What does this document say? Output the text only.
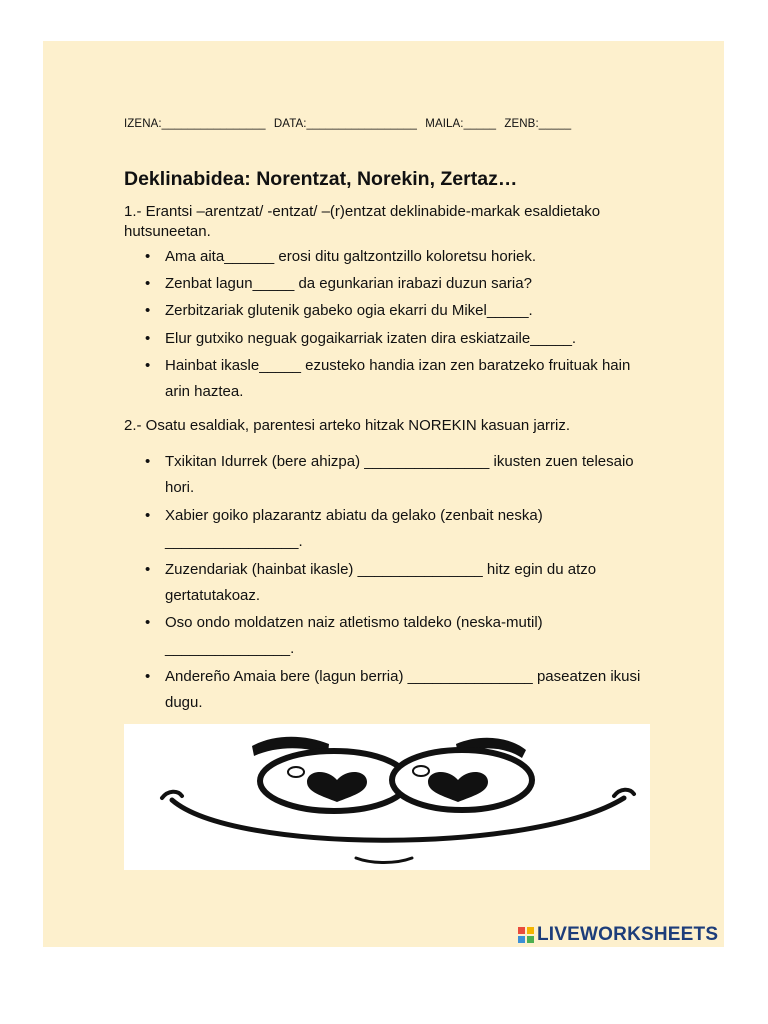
IZENA:________________ DATA:_________________ MAILA:_____ ZENB:_____
Deklinabidea: Norentzat, Norekin, Zertaz…

1.- Erantsi –arentzat/ -entzat/ –(r)entzat deklinabide-markak esaldietako hutsuneetan.

• Ama aita______ erosi ditu galtzontzillo koloretsu horiek.
• Zenbat lagun_____ da egunkarian irabazi duzun saria?
• Zerbitzariak glutenik gabeko ogia ekarri du Mikel_____.
• Elur gutxiko neguak gogaikarriak izaten dira eskiatzaile_____.
• Hainbat ikasle_____ ezusteko handia izan zen baratzeko fruituak hain arin haztea.

2.- Osatu esaldiak, parentesi arteko hitzak NOREKIN kasuan jarriz.

• Txikitan Idurrek (bere ahizpa) _______________ ikusten zuen telesaio hori.
• Xabier goiko plazarantz abiatu da gelako (zenbait neska) ________________.
• Zuzendariak (hainbat ikasle) _______________ hitz egin du atzo gertatutakoaz.
• Oso ondo moldatzen naiz atletismo taldeko (neska-mutil) _______________.
• Andereño Amaia bere (lagun berria) _______________ paseatzen ikusi dugu.
LIVEWORKSHEETS
